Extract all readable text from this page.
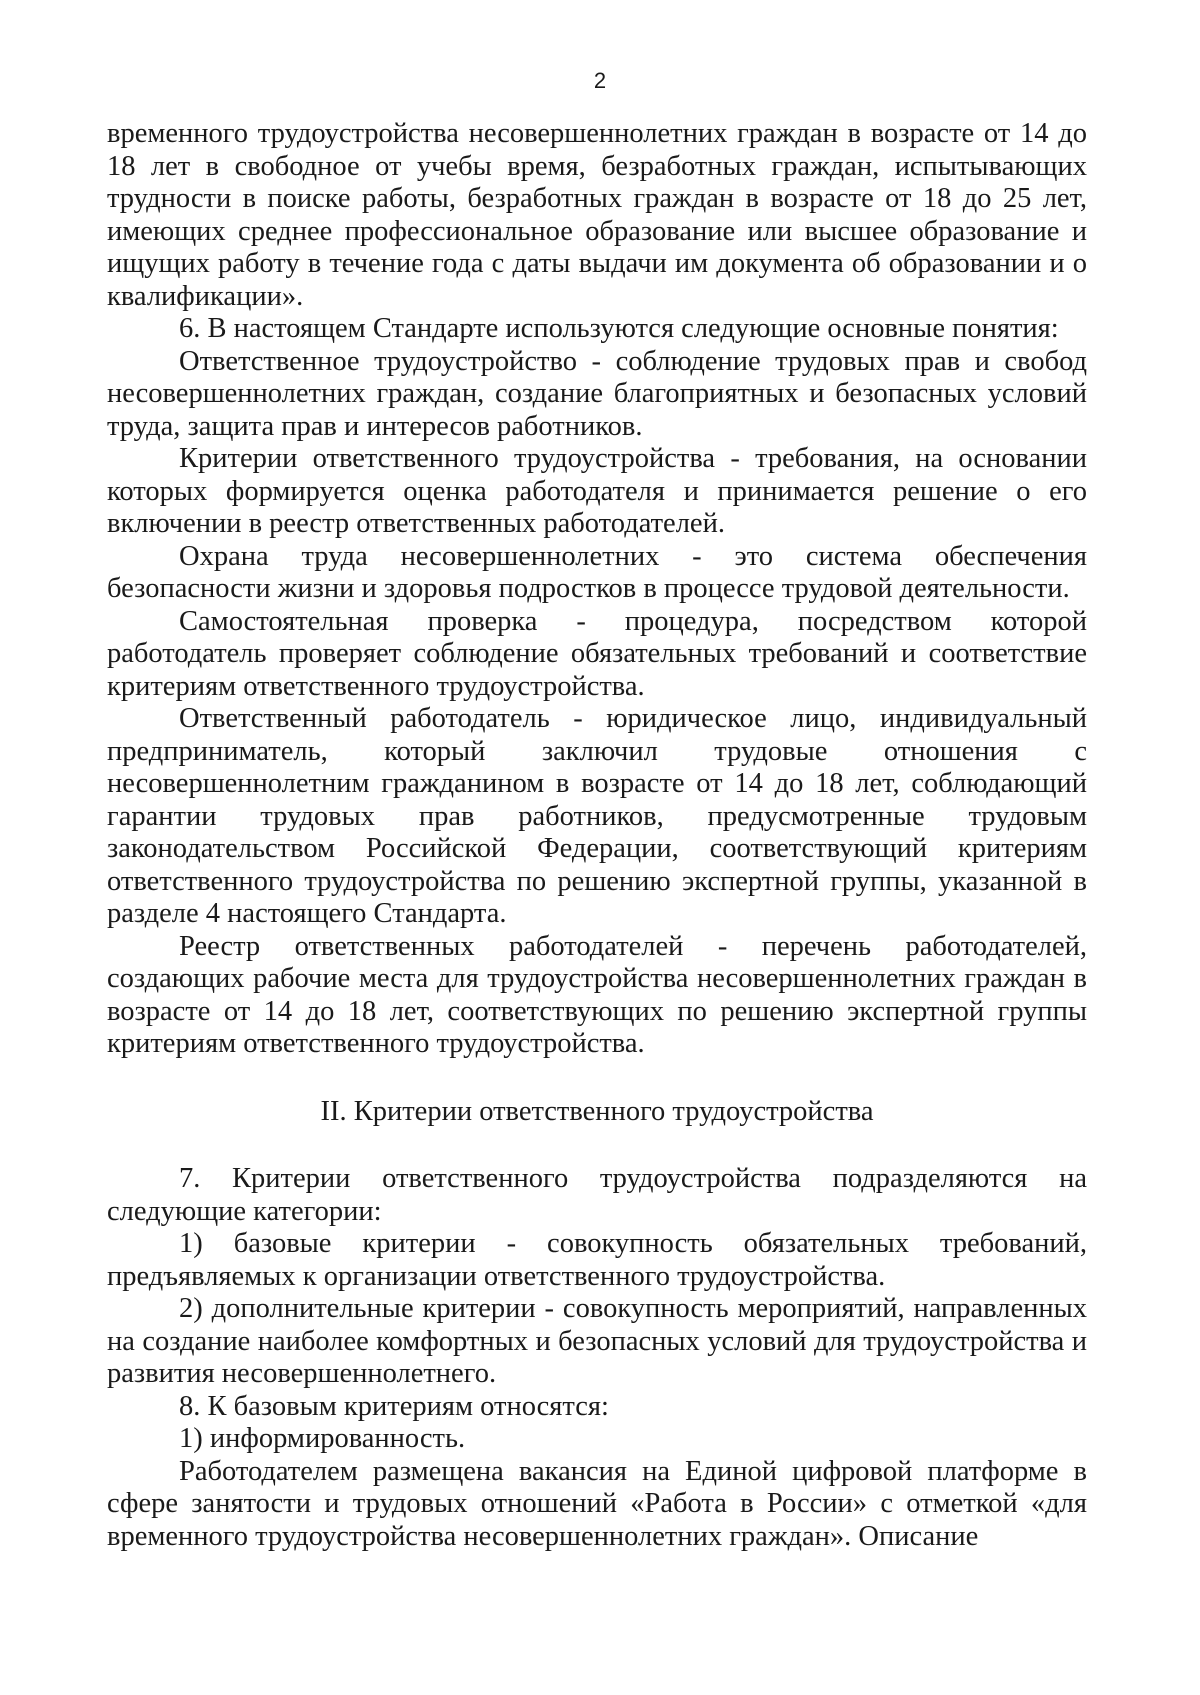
2

временного трудоустройства несовершеннолетних граждан в возрасте от 14 до 18 лет в свободное от учебы время, безработных граждан, испытывающих трудности в поиске работы, безработных граждан в возрасте от 18 до 25 лет, имеющих среднее профессиональное образование или высшее образование и ищущих работу в течение года с даты выдачи им документа об образовании и о квалификации».

6. В настоящем Стандарте используются следующие основные понятия:

Ответственное трудоустройство - соблюдение трудовых прав и свобод несовершеннолетних граждан, создание благоприятных и безопасных условий труда, защита прав и интересов работников.

Критерии ответственного трудоустройства - требования, на основании которых формируется оценка работодателя и принимается решение о его включении в реестр ответственных работодателей.

Охрана труда несовершеннолетних - это система обеспечения безопасности жизни и здоровья подростков в процессе трудовой деятельности.

Самостоятельная проверка - процедура, посредством которой работодатель проверяет соблюдение обязательных требований и соответствие критериям ответственного трудоустройства.

Ответственный работодатель - юридическое лицо, индивидуальный предприниматель, который заключил трудовые отношения с несовершеннолетним гражданином в возрасте от 14 до 18 лет, соблюдающий гарантии трудовых прав работников, предусмотренные трудовым законодательством Российской Федерации, соответствующий критериям ответственного трудоустройства по решению экспертной группы, указанной в разделе 4 настоящего Стандарта.

Реестр ответственных работодателей - перечень работодателей, создающих рабочие места для трудоустройства несовершеннолетних граждан в возрасте от 14 до 18 лет, соответствующих по решению экспертной группы критериям ответственного трудоустройства.

II. Критерии ответственного трудоустройства

7. Критерии ответственного трудоустройства подразделяются на следующие категории:

1) базовые критерии - совокупность обязательных требований, предъявляемых к организации ответственного трудоустройства.

2) дополнительные критерии - совокупность мероприятий, направленных на создание наиболее комфортных и безопасных условий для трудоустройства и развития несовершеннолетнего.

8. К базовым критериям относятся:

1) информированность.

Работодателем размещена вакансия на Единой цифровой платформе в сфере занятости и трудовых отношений «Работа в России» с отметкой «для временного трудоустройства несовершеннолетних граждан». Описание
